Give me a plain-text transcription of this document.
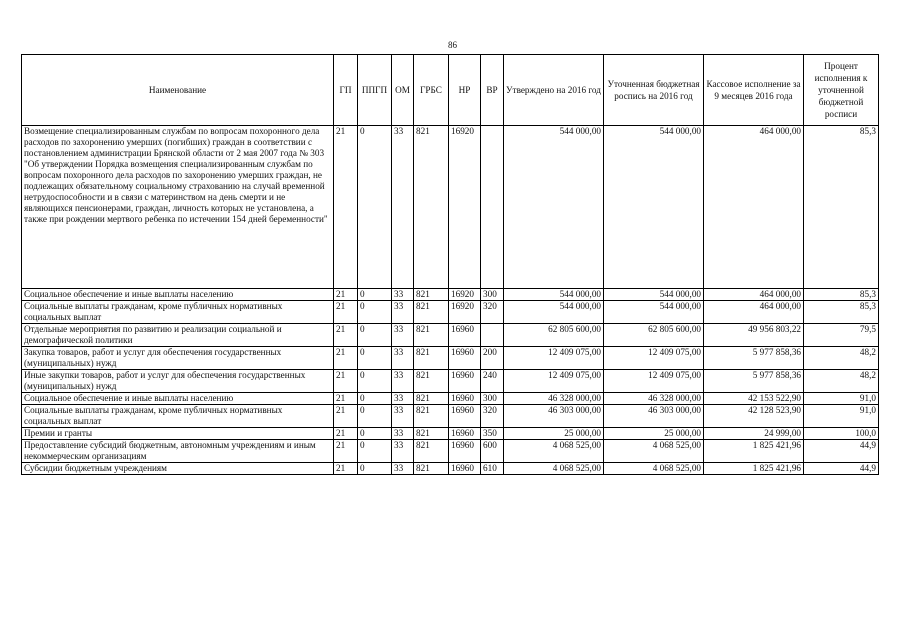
86
Наименование	ГП	ППГП	ОМ	ГРБС	НР	ВР	Утверждено на 2016 год	Уточненная бюджетная роспись на 2016 год	Кассовое исполнение за 9 месяцев 2016 года	Процент исполнения к уточненной бюджетной росписи
Возмещение специализированным службам по вопросам похоронного дела расходов по захоронению умерших (погибших) граждан в соответствии с постановлением администрации Брянской области от 2 мая 2007 года № 303 "Об утверждении Порядка возмещения специализированным службам по вопросам похоронного дела расходов по захоронению умерших граждан, не подлежащих обязательному социальному страхованию на случай временной нетрудоспособности и в связи с материнством на день смерти и не являющихся пенсионерами, граждан, личность которых не установлена, а также при рождении мертвого ребенка по истечении 154 дней беременности"	21	0	33	821	16920		544 000,00	544 000,00	464 000,00	85,3
Социальное обеспечение и иные выплаты населению	21	0	33	821	16920	300	544 000,00	544 000,00	464 000,00	85,3
Социальные выплаты гражданам, кроме публичных нормативных социальных выплат	21	0	33	821	16920	320	544 000,00	544 000,00	464 000,00	85,3
Отдельные мероприятия по развитию и реализации социальной и демографической политики	21	0	33	821	16960		62 805 600,00	62 805 600,00	49 956 803,22	79,5
Закупка товаров, работ и услуг для обеспечения государственных (муниципальных) нужд	21	0	33	821	16960	200	12 409 075,00	12 409 075,00	5 977 858,36	48,2
Иные закупки товаров, работ и услуг для обеспечения государственных (муниципальных) нужд	21	0	33	821	16960	240	12 409 075,00	12 409 075,00	5 977 858,36	48,2
Социальное обеспечение и иные выплаты населению	21	0	33	821	16960	300	46 328 000,00	46 328 000,00	42 153 522,90	91,0
Социальные выплаты гражданам, кроме публичных нормативных социальных выплат	21	0	33	821	16960	320	46 303 000,00	46 303 000,00	42 128 523,90	91,0
Премии и гранты	21	0	33	821	16960	350	25 000,00	25 000,00	24 999,00	100,0
Предоставление субсидий бюджетным, автономным учреждениям и иным некоммерческим организациям	21	0	33	821	16960	600	4 068 525,00	4 068 525,00	1 825 421,96	44,9
Субсидии бюджетным учреждениям	21	0	33	821	16960	610	4 068 525,00	4 068 525,00	1 825 421,96	44,9
